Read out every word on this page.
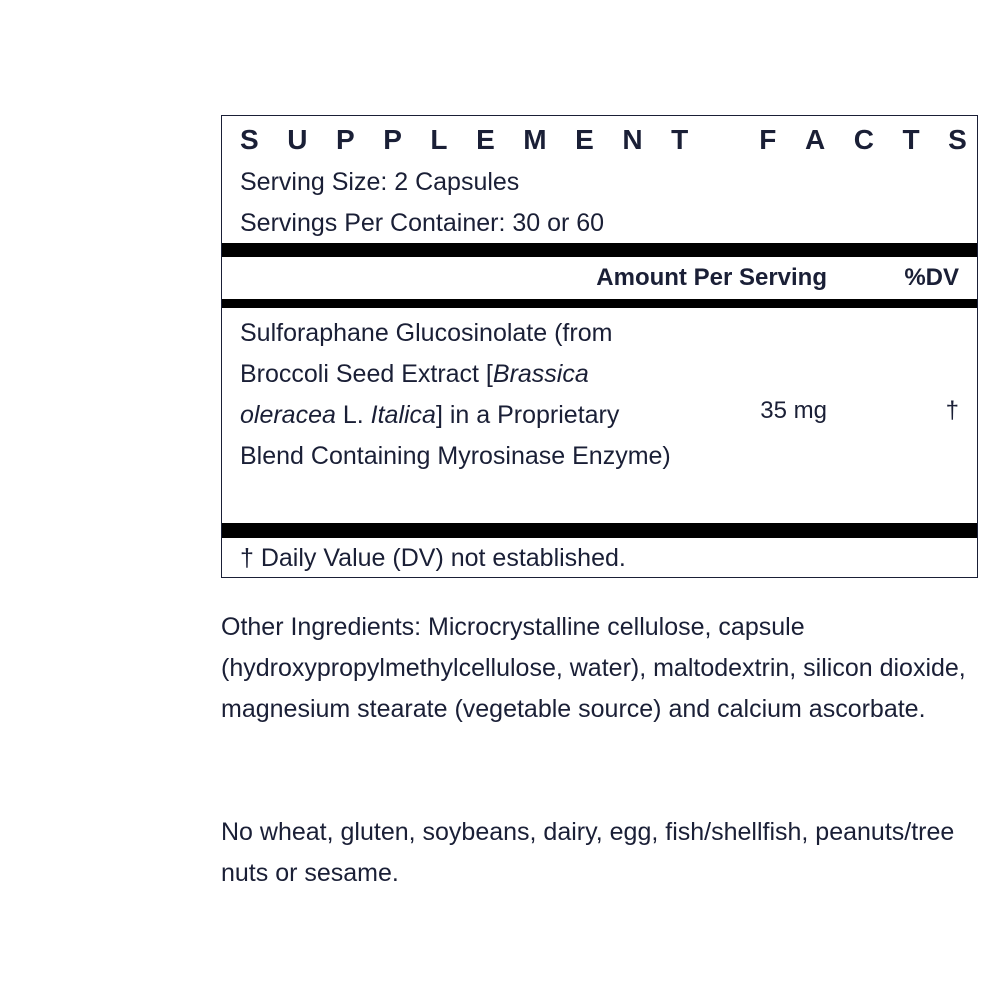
S U P P L E M E N T	F A C T S
Serving Size: 2 Capsules
Servings Per Container: 30 or 60
Amount Per Serving	%DV
Sulforaphane Glucosinolate (from Broccoli Seed Extract [Brassica oleracea L. Italica] in a Proprietary Blend Containing Myrosinase Enzyme)
35 mg	†
† Daily Value (DV) not established.

Other Ingredients: Microcrystalline cellulose, capsule (hydroxypropylmethylcellulose, water), maltodextrin, silicon dioxide, magnesium stearate (vegetable source) and calcium ascorbate.

No wheat, gluten, soybeans, dairy, egg, fish/shellfish, peanuts/tree nuts or sesame.
